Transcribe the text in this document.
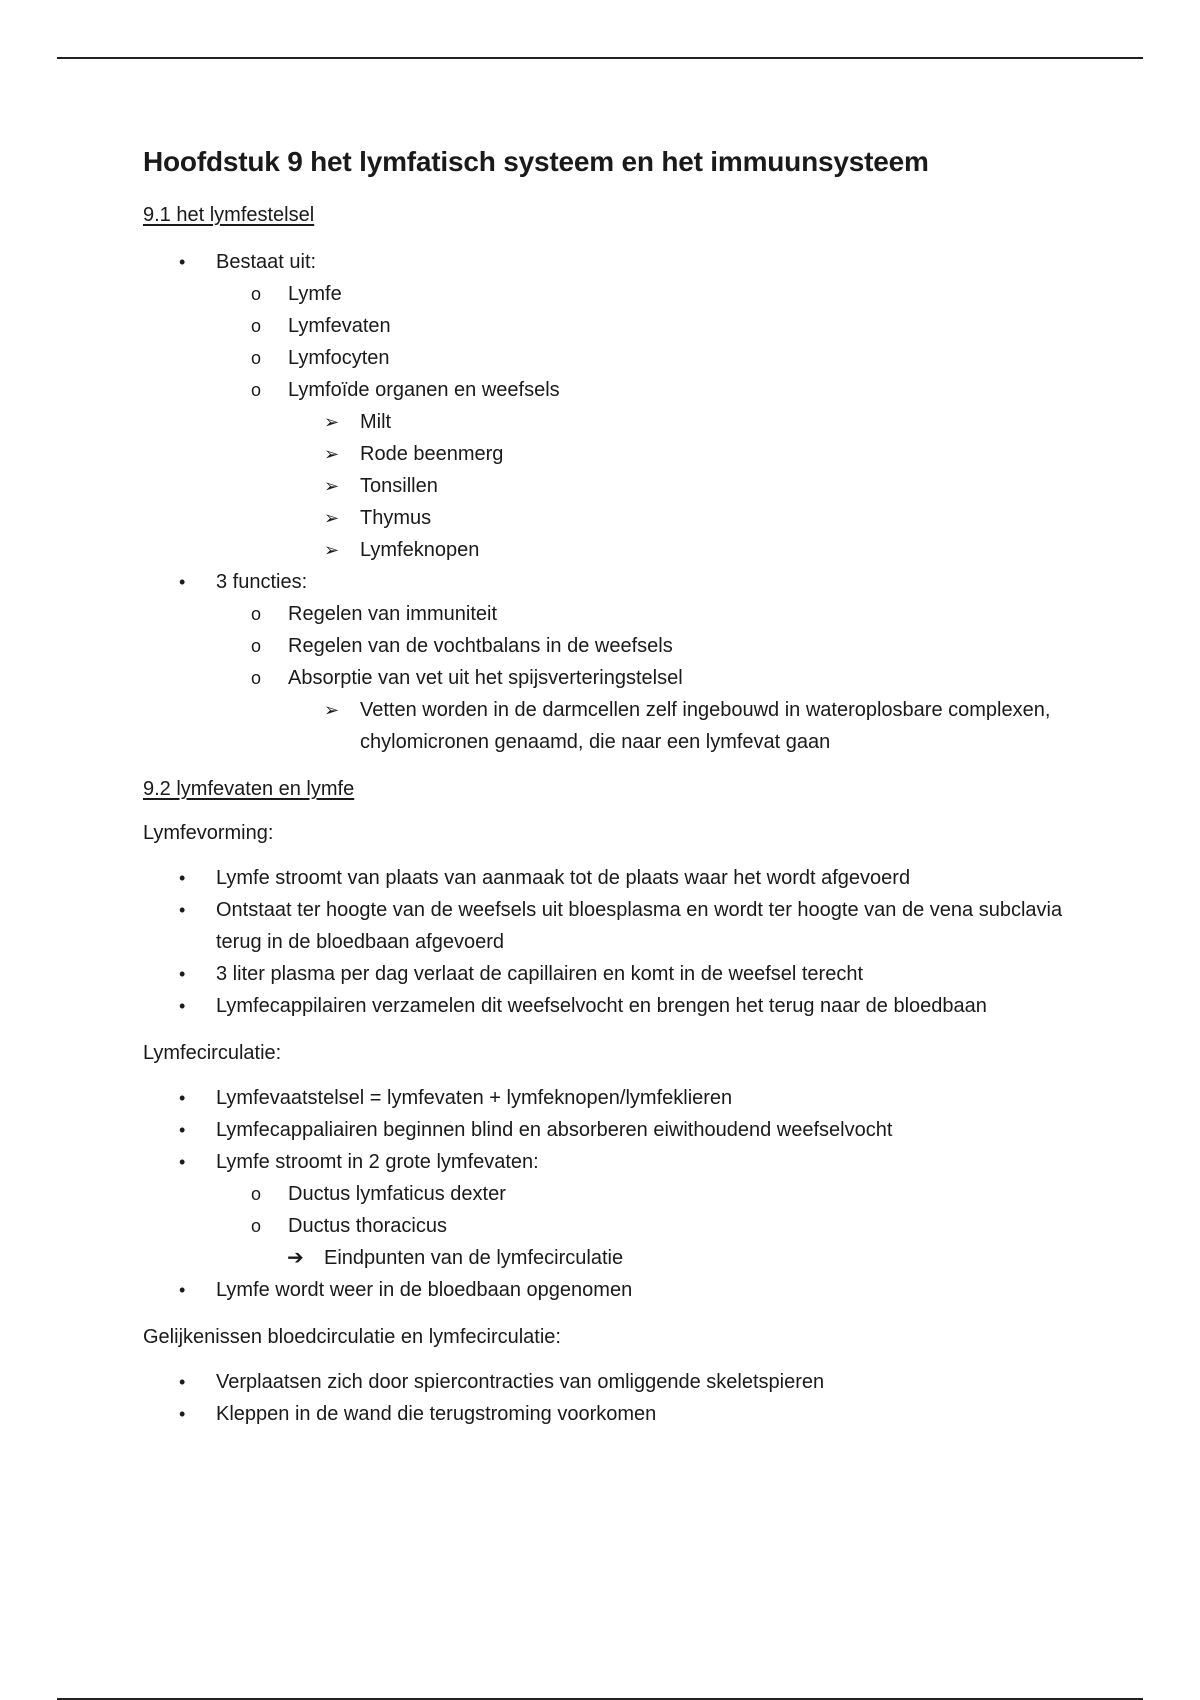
Hoofdstuk 9 het lymfatisch systeem en het immuunsysteem
9.1 het lymfestelsel
• Bestaat uit:
o Lymfe
o Lymfevaten
o Lymfocyten
o Lymfoïde organen en weefsels
➢ Milt
➢ Rode beenmerg
➢ Tonsillen
➢ Thymus
➢ Lymfeknopen
• 3 functies:
o Regelen van immuniteit
o Regelen van de vochtbalans in de weefsels
o Absorptie van vet uit het spijsverteringstelsel
➢ Vetten worden in de darmcellen zelf ingebouwd in wateroplosbare complexen, chylomicronen genaamd, die naar een lymfevat gaan
9.2 lymfevaten en lymfe
Lymfevorming:
• Lymfe stroomt van plaats van aanmaak tot de plaats waar het wordt afgevoerd
• Ontstaat ter hoogte van de weefsels uit bloesplasma en wordt ter hoogte van de vena subclavia terug in de bloedbaan afgevoerd
• 3 liter plasma per dag verlaat de capillairen en komt in de weefsel terecht
• Lymfecappilairen verzamelen dit weefselvocht en brengen het terug naar de bloedbaan
Lymfecirculatie:
• Lymfevaatstelsel = lymfevaten + lymfeknopen/lymfeklieren
• Lymfecappaliairen beginnen blind en absorberen eiwithoudend weefselvocht
• Lymfe stroomt in 2 grote lymfevaten:
o Ductus lymfaticus dexter
o Ductus thoracicus
➔ Eindpunten van de lymfecirculatie
• Lymfe wordt weer in de bloedbaan opgenomen
Gelijkenissen bloedcirculatie en lymfecirculatie:
• Verplaatsen zich door spiercontracties van omliggende skeletspieren
• Kleppen in de wand die terugstroming voorkomen
